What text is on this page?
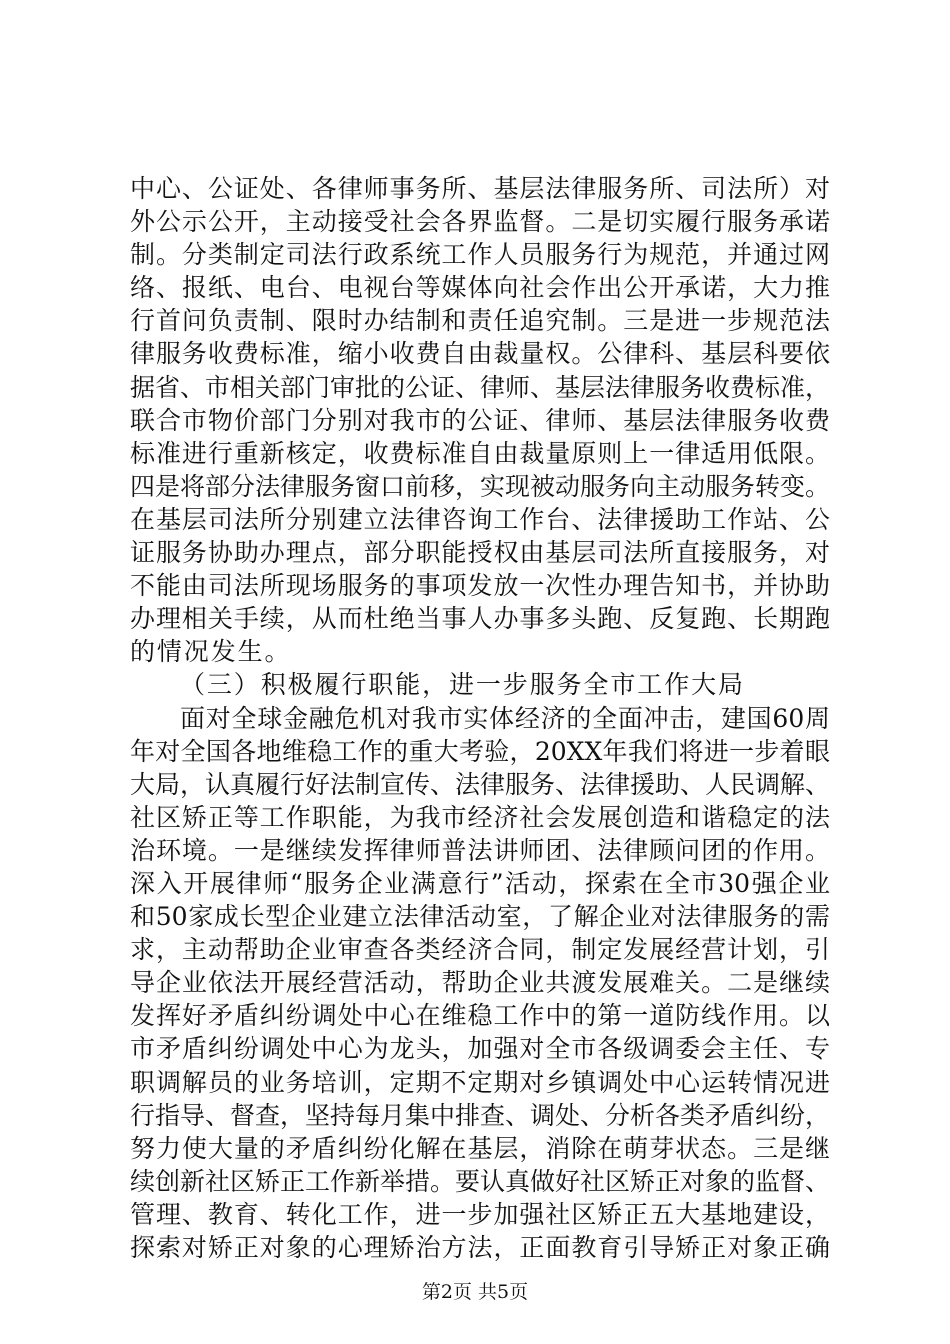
中心、公证处、各律师事务所、基层法律服务所、司法所）对
外公示公开，主动接受社会各界监督。二是切实履行服务承诺
制。分类制定司法行政系统工作人员服务行为规范，并通过网
络、报纸、电台、电视台等媒体向社会作出公开承诺，大力推
行首问负责制、限时办结制和责任追究制。三是进一步规范法
律服务收费标准，缩小收费自由裁量权。公律科、基层科要依
据省、市相关部门审批的公证、律师、基层法律服务收费标准，
联合市物价部门分别对我市的公证、律师、基层法律服务收费
标准进行重新核定，收费标准自由裁量原则上一律适用低限。
四是将部分法律服务窗口前移，实现被动服务向主动服务转变。
在基层司法所分别建立法律咨询工作台、法律援助工作站、公
证服务协助办理点，部分职能授权由基层司法所直接服务，对
不能由司法所现场服务的事项发放一次性办理告知书，并协助
办理相关手续，从而杜绝当事人办事多头跑、反复跑、长期跑
的情况发生。
（三）积极履行职能，进一步服务全市工作大局
面对全球金融危机对我市实体经济的全面冲击，建国60周
年对全国各地维稳工作的重大考验，20XX年我们将进一步着眼
大局，认真履行好法制宣传、法律服务、法律援助、人民调解、
社区矫正等工作职能，为我市经济社会发展创造和谐稳定的法
治环境。一是继续发挥律师普法讲师团、法律顾问团的作用。
深入开展律师“服务企业满意行”活动，探索在全市30强企业
和50家成长型企业建立法律活动室，了解企业对法律服务的需
求，主动帮助企业审查各类经济合同，制定发展经营计划，引
导企业依法开展经营活动，帮助企业共渡发展难关。二是继续
发挥好矛盾纠纷调处中心在维稳工作中的第一道防线作用。以
市矛盾纠纷调处中心为龙头，加强对全市各级调委会主任、专
职调解员的业务培训，定期不定期对乡镇调处中心运转情况进
行指导、督查，坚持每月集中排查、调处、分析各类矛盾纠纷，
努力使大量的矛盾纠纷化解在基层，消除在萌芽状态。三是继
续创新社区矫正工作新举措。要认真做好社区矫正对象的监督、
管理、教育、转化工作，进一步加强社区矫正五大基地建设，
探索对矫正对象的心理矫治方法，正面教育引导矫正对象正确
第2页 共5页
